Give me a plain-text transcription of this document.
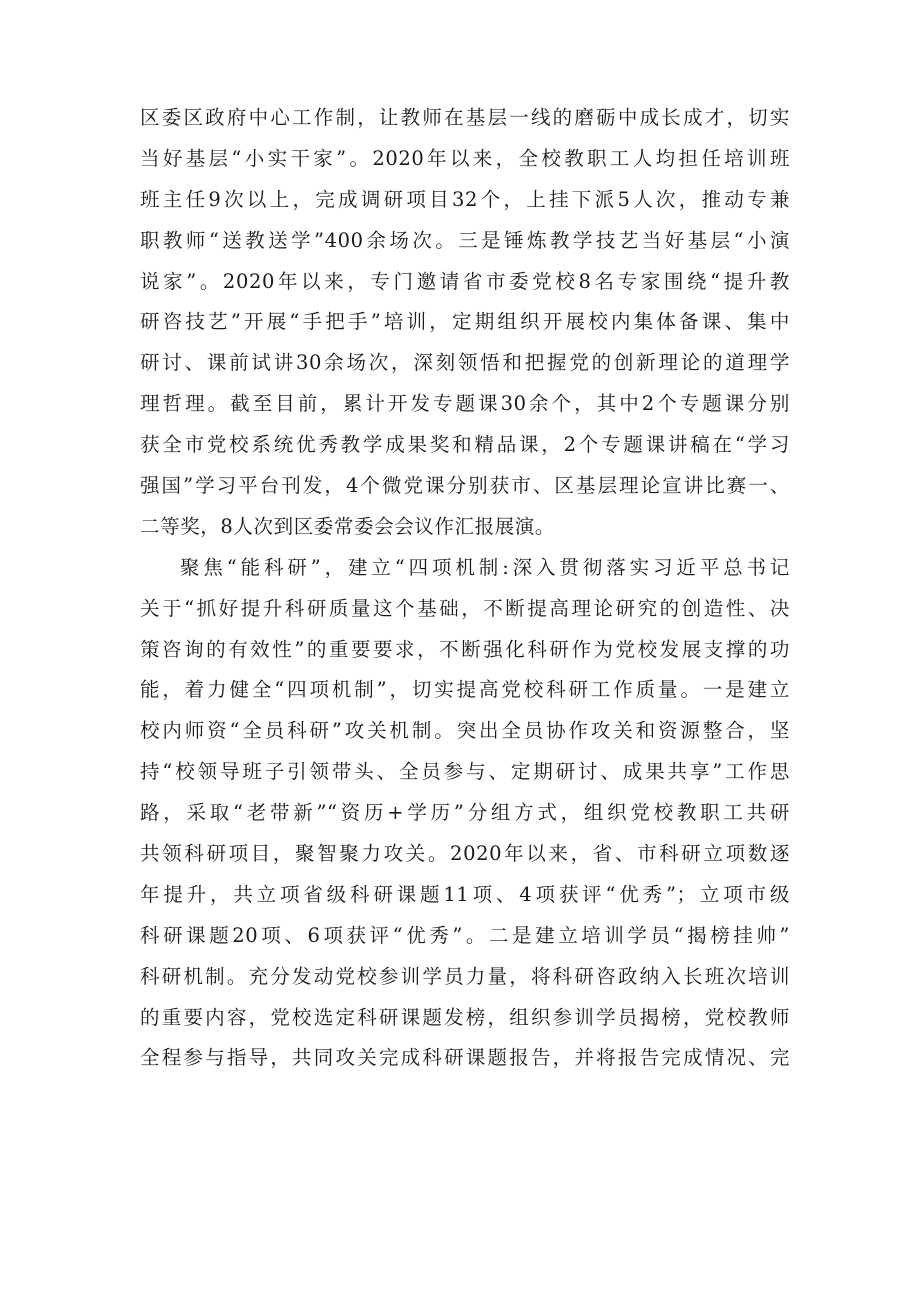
区委区政府中心工作制，让教师在基层一线的磨砺中成长成才，切实
当好基层“小实干家”。2020年以来，全校教职工人均担任培训班
班主任9次以上，完成调研项目32个，上挂下派5人次，推动专兼
职教师“送教送学”400余场次。三是锤炼教学技艺当好基层“小演
说家”。2020年以来，专门邀请省市委党校8名专家围绕“提升教
研咨技艺”开展“手把手”培训，定期组织开展校内集体备课、集中
研讨、课前试讲30余场次，深刻领悟和把握党的创新理论的道理学
理哲理。截至目前，累计开发专题课30余个，其中2个专题课分别
获全市党校系统优秀教学成果奖和精品课，2个专题课讲稿在“学习
强国”学习平台刊发，4个微党课分别获市、区基层理论宣讲比赛一、
二等奖，8人次到区委常委会会议作汇报展演。
聚焦“能科研”，建立“四项机制:深入贯彻落实习近平总书记
关于“抓好提升科研质量这个基础，不断提高理论研究的创造性、决
策咨询的有效性”的重要要求，不断强化科研作为党校发展支撑的功
能，着力健全“四项机制”，切实提高党校科研工作质量。一是建立
校内师资“全员科研”攻关机制。突出全员协作攻关和资源整合，坚
持“校领导班子引领带头、全员参与、定期研讨、成果共享”工作思
路，采取“老带新”“资历+学历”分组方式，组织党校教职工共研
共领科研项目，聚智聚力攻关。2020年以来，省、市科研立项数逐
年提升，共立项省级科研课题11项、4项获评“优秀”；立项市级
科研课题20项、6项获评“优秀”。二是建立培训学员“揭榜挂帅”
科研机制。充分发动党校参训学员力量，将科研咨政纳入长班次培训
的重要内容，党校选定科研课题发榜，组织参训学员揭榜，党校教师
全程参与指导，共同攻关完成科研课题报告，并将报告完成情况、完
